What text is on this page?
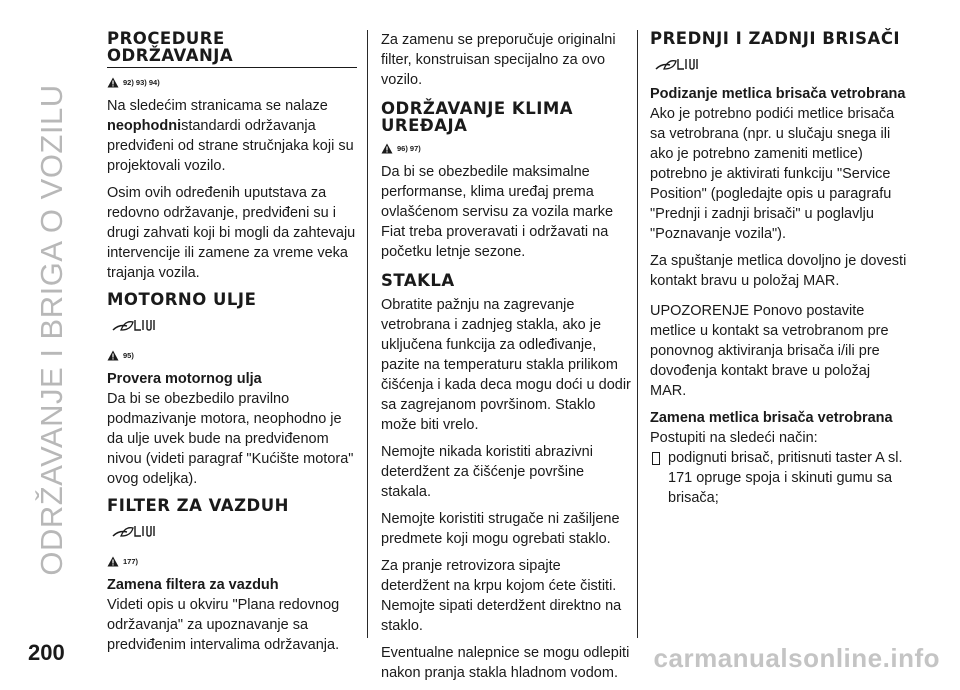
ODRŽAVANJE I BRIGA O VOZILU
200	carmanualsonline.info
PROCEDURE ODRŽAVANJA
92) 93) 94)

Na sledećim stranicama se nalaze
neophodnistandardi održavanja predviđeni od strane stručnjaka koji su projektovali vozilo.

Osim ovih određenih uputstava za redovno održavanje, predviđeni su i drugi zahvati koji bi mogli da zahtevaju intervencije ili zamene za vreme veka trajanja vozila.

MOTORNO ULJE
95)
Provera motornog ulja

Da bi se obezbedilo pravilno podmazivanje motora, neophodno je da ulje uvek bude na predviđenom nivou (videti paragraf "Kućište motora" ovog odeljka).

FILTER ZA VAZDUH
177)
Zamena filtera za vazduh

Videti opis u okviru "Plana redovnog održavanja" za upoznavanje sa predviđenim intervalima održavanja.

Za zamenu se preporučuje originalni filter, konstruisan specijalno za ovo vozilo.

ODRŽAVANJE KLIMA UREĐAJA
96) 97)

Da bi se obezbedile maksimalne performanse, klima uređaj prema ovlašćenom servisu za vozila marke Fiat treba proveravati i održavati na početku letnje sezone.

STAKLA

Obratite pažnju na zagrevanje vetrobrana i zadnjeg stakla, ako je uključena funkcija za odleđivanje, pazite na temperaturu stakla prilikom čišćenja i kada deca mogu doći u dodir sa zagrejanom površinom. Staklo može biti vrelo.

Nemojte nikada koristiti abrazivni deterdžent za čišćenje površine stakala.

Nemojte koristiti strugače ni zašiljene predmete koji mogu ogrebati staklo.

Za pranje retrovizora sipajte deterdžent na krpu kojom ćete čistiti. Nemojte sipati deterdžent direktno na staklo.

Eventualne nalepnice se mogu odlepiti nakon pranja stakla hladnom vodom.

PREDNJI I ZADNJI BRISAČI
Podizanje metlica brisača vetrobrana

Ako je potrebno podići metlice brisača sa vetrobrana (npr. u slučaju snega ili ako je potrebno zameniti metlice) potrebno je aktivirati funkciju "Service Position" (pogledajte opis u paragrafu "Prednji i zadnji brisači" u poglavlju "Poznavanje vozila").

Za spuštanje metlica dovoljno je dovesti kontakt bravu u položaj MAR.

UPOZORENJE Ponovo postavite metlice u kontakt sa vetrobranom pre ponovnog aktiviranja brisača i/ili pre dovođenja kontakt brave u položaj MAR.

Zamena metlica brisača vetrobrana

Postupiti na sledeći način:

podignuti brisač, pritisnuti taster A sl. 171 opruge spoja i skinuti gumu sa brisača;
